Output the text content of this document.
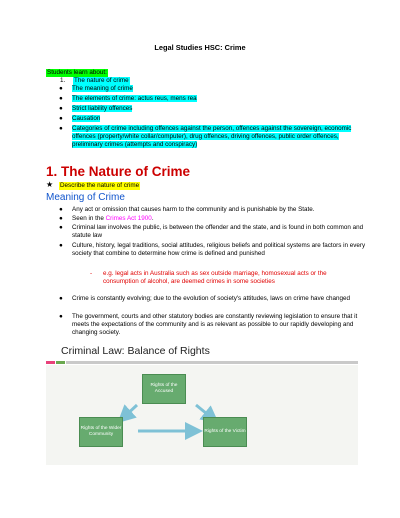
Legal Studies HSC: Crime
Students learn about:
1. The nature of crime
● The meaning of crime
● The elements of crime: actus reus, mens rea
● Strict liability offences
● Causation
● Categories of crime including offences against the person, offences against the sovereign, economic offences (property/white collar/computer), drug offences, driving offences, public order offences, preliminary crimes (attempts and conspiracy)
1. The Nature of Crime
★ Describe the nature of crime
Meaning of Crime
● Any act or omission that causes harm to the community and is punishable by the State.
● Seen in the Crimes Act 1900.
● Criminal law involves the public, is between the offender and the state, and is found in both common and statute law
● Culture, history, legal traditions, social attitudes, religious beliefs and political systems are factors in every society that combine to determine how crime is defined and punished
- e.g. legal acts in Australia such as sex outside marriage, homosexual acts or the consumption of alcohol, are deemed crimes in some societies
● Crime is constantly evolving; due to the evolution of society's attitudes, laws on crime have changed
● The government, courts and other statutory bodies are constantly reviewing legislation to ensure that it meets the expectations of the community and is as relevant as possible to our rapidly developing and changing society.
Criminal Law: Balance of Rights
Rights of the Accused
Rights of the Wider Community
Rights of the Victim
